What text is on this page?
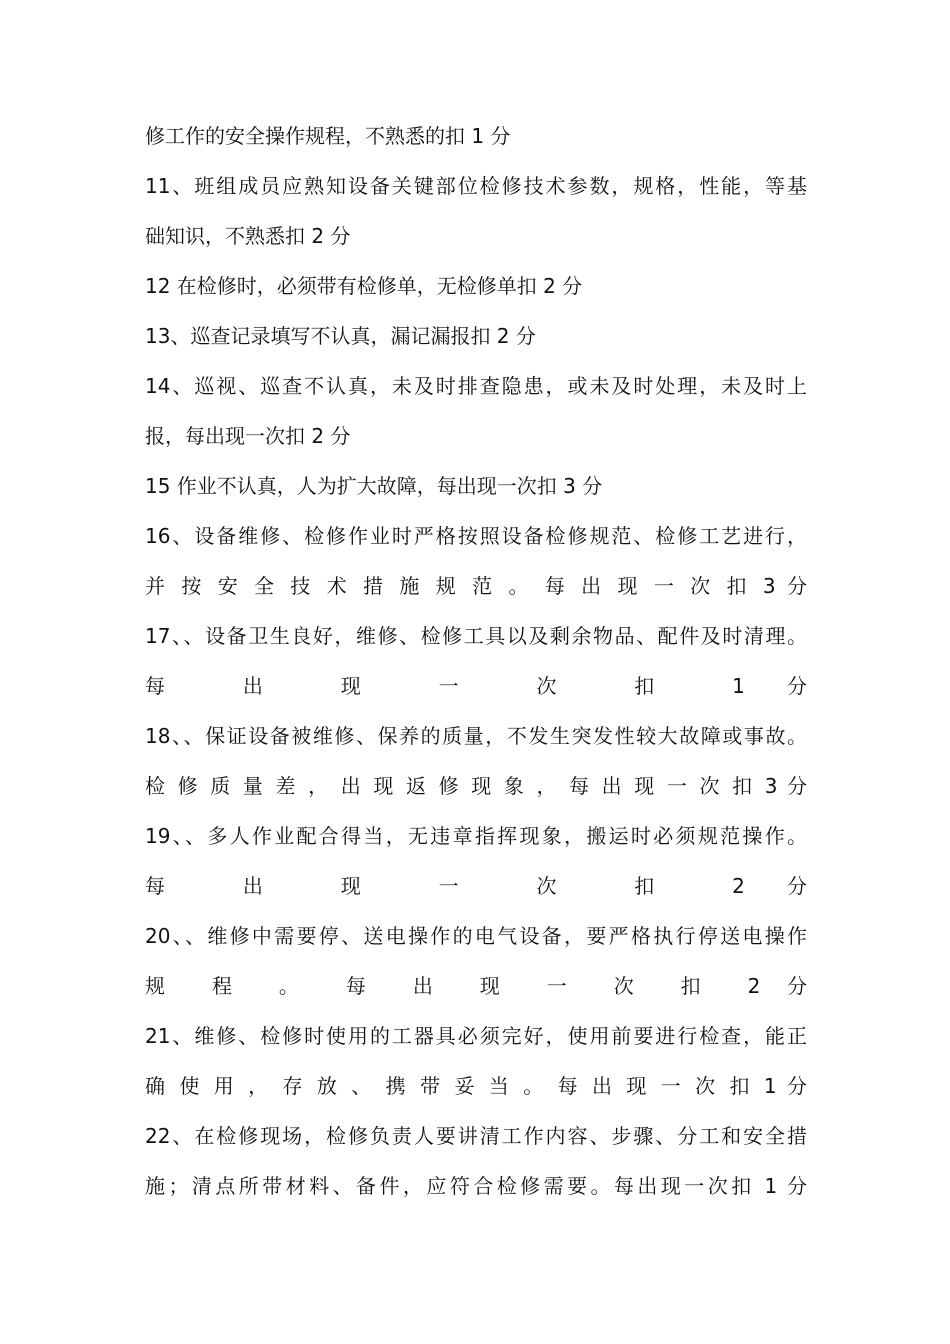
修工作的安全操作规程，不熟悉的扣 1 分
11、班组成员应熟知设备关键部位检修技术参数，规格，性能，等基
础知识，不熟悉扣 2 分
12 在检修时，必须带有检修单，无检修单扣 2 分
13、巡查记录填写不认真，漏记漏报扣 2 分
14、巡视、巡查不认真，未及时排查隐患，或未及时处理，未及时上
报，每出现一次扣 2 分
15 作业不认真，人为扩大故障，每出现一次扣 3 分
16、设备维修、检修作业时严格按照设备检修规范、检修工艺进行，
并 按 安 全 技 术 措 施 规 范 。 每 出 现 一 次 扣 3 分
17、、设备卫生良好，维修、检修工具以及剩余物品、配件及时清理。
每 出 现 一 次 扣 1 分
18、、保证设备被维修、保养的质量，不发生突发性较大故障或事故。
检 修 质 量 差 ， 出 现 返 修 现 象 ， 每 出 现 一 次 扣 3 分
19、、多人作业配合得当，无违章指挥现象，搬运时必须规范操作。
每 出 现 一 次 扣 2 分
20、、维修中需要停、送电操作的电气设备，要严格执行停送电操作
规 程 。 每 出 现 一 次 扣 2 分
21、维修、检修时使用的工器具必须完好，使用前要进行检查，能正
确 使 用 ， 存 放 、 携 带 妥 当 。 每 出 现 一 次 扣 1 分
22、在检修现场，检修负责人要讲清工作内容、步骤、分工和安全措
施；清点所带材料、备件，应符合检修需要。每出现一次扣 1 分
